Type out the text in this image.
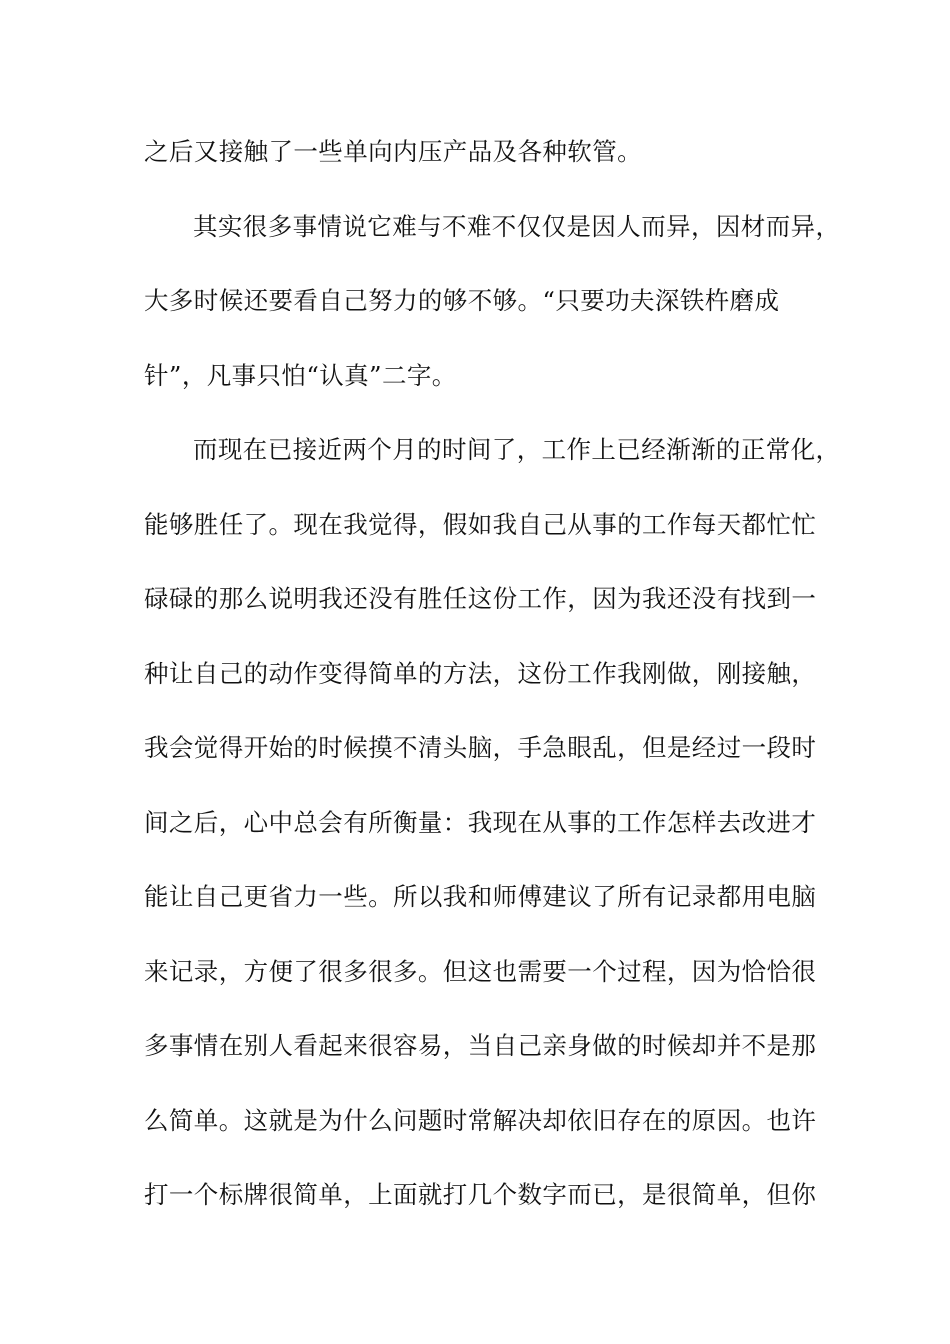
之后又接触了一些单向内压产品及各种软管。
其实很多事情说它难与不难不仅仅是因人而异，因材而异，
大多时候还要看自己努力的够不够。“只要功夫深铁杵磨成
针”，凡事只怕“认真”二字。
而现在已接近两个月的时间了，工作上已经渐渐的正常化，
能够胜任了。现在我觉得，假如我自己从事的工作每天都忙忙
碌碌的那么说明我还没有胜任这份工作，因为我还没有找到一
种让自己的动作变得简单的方法，这份工作我刚做，刚接触，
我会觉得开始的时候摸不清头脑，手急眼乱，但是经过一段时
间之后，心中总会有所衡量：我现在从事的工作怎样去改进才
能让自己更省力一些。所以我和师傅建议了所有记录都用电脑
来记录，方便了很多很多。但这也需要一个过程，因为恰恰很
多事情在别人看起来很容易，当自己亲身做的时候却并不是那
么简单。这就是为什么问题时常解决却依旧存在的原因。也许
打一个标牌很简单，上面就打几个数字而已，是很简单，但你
